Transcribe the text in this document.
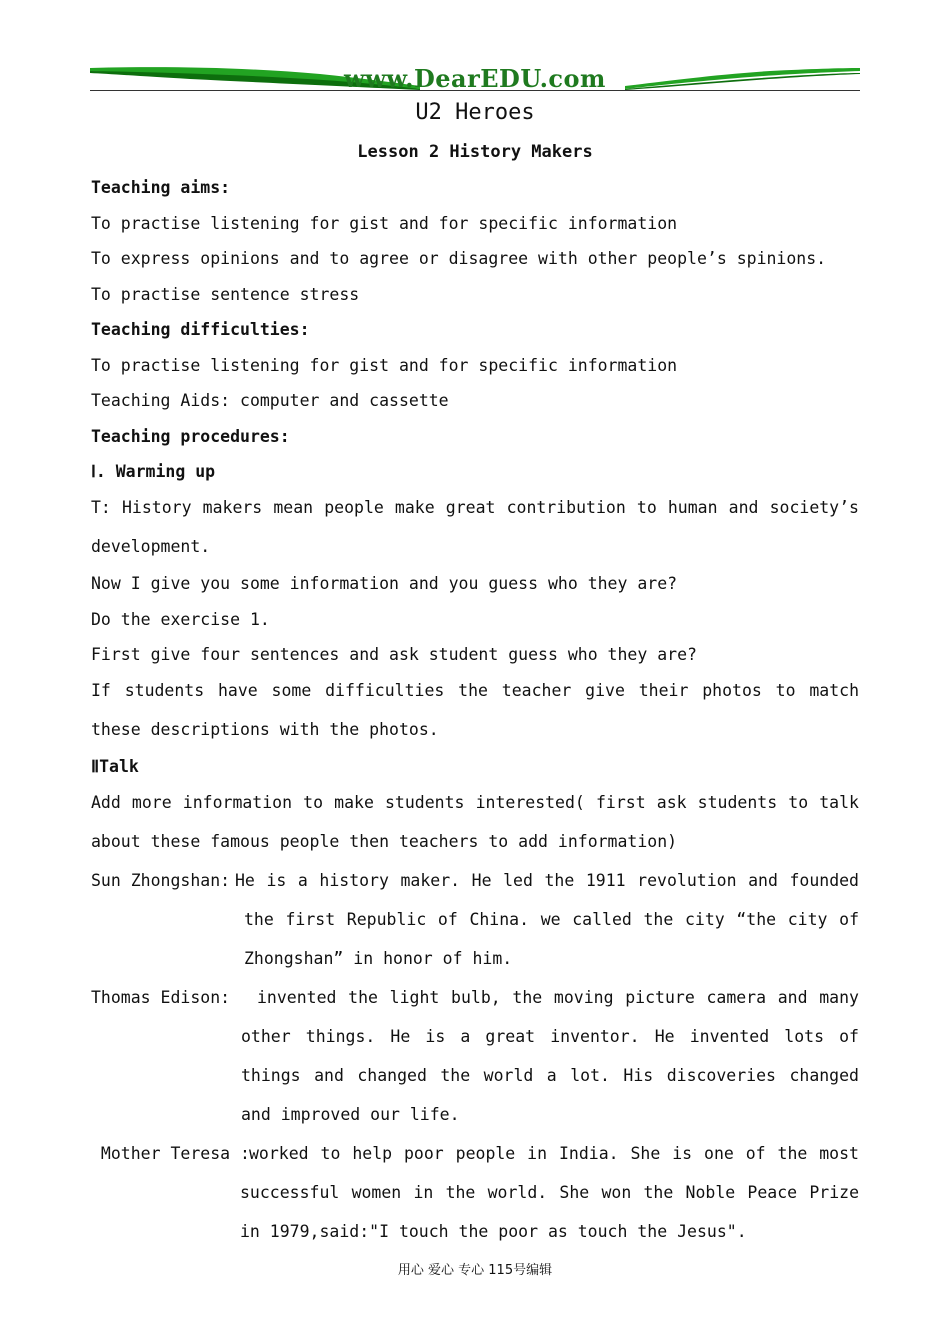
www.DearEDU.com
U2 Heroes
Lesson 2 History Makers
Teaching aims:
To practise listening for gist and for specific information
To express opinions and to agree or disagree with other people’s spinions.
To practise sentence stress
Teaching difficulties:
To practise listening for gist and for specific information
Teaching Aids: computer and cassette
Teaching procedures:
Ⅰ. Warming up
T: History makers mean people make great contribution to human and society’s development.
Now I give you some information and you guess who they are?
Do the exercise 1.
First give four sentences and ask student guess who they are?
If students have some difficulties the teacher give their photos to match these descriptions with the photos.
ⅡTalk
Add more information to make students interested( first ask students to talk about these famous people then teachers to add information)
Sun Zhongshan: He is a history maker. He led the 1911 revolution and founded the first Republic of China. we called the city “the city of Zhongshan” in honor of him.
Thomas Edison:	invented the light bulb, the moving picture camera and many other things. He is a great inventor. He invented lots of things and changed the world a lot. His discoveries changed and improved our life.
Mother Teresa : worked to help poor people in India. She is one of the most successful women in the world. She won the Noble Peace Prize in 1979,said:"I touch the poor as touch the Jesus".
用心 爱心 专心 115号编辑
